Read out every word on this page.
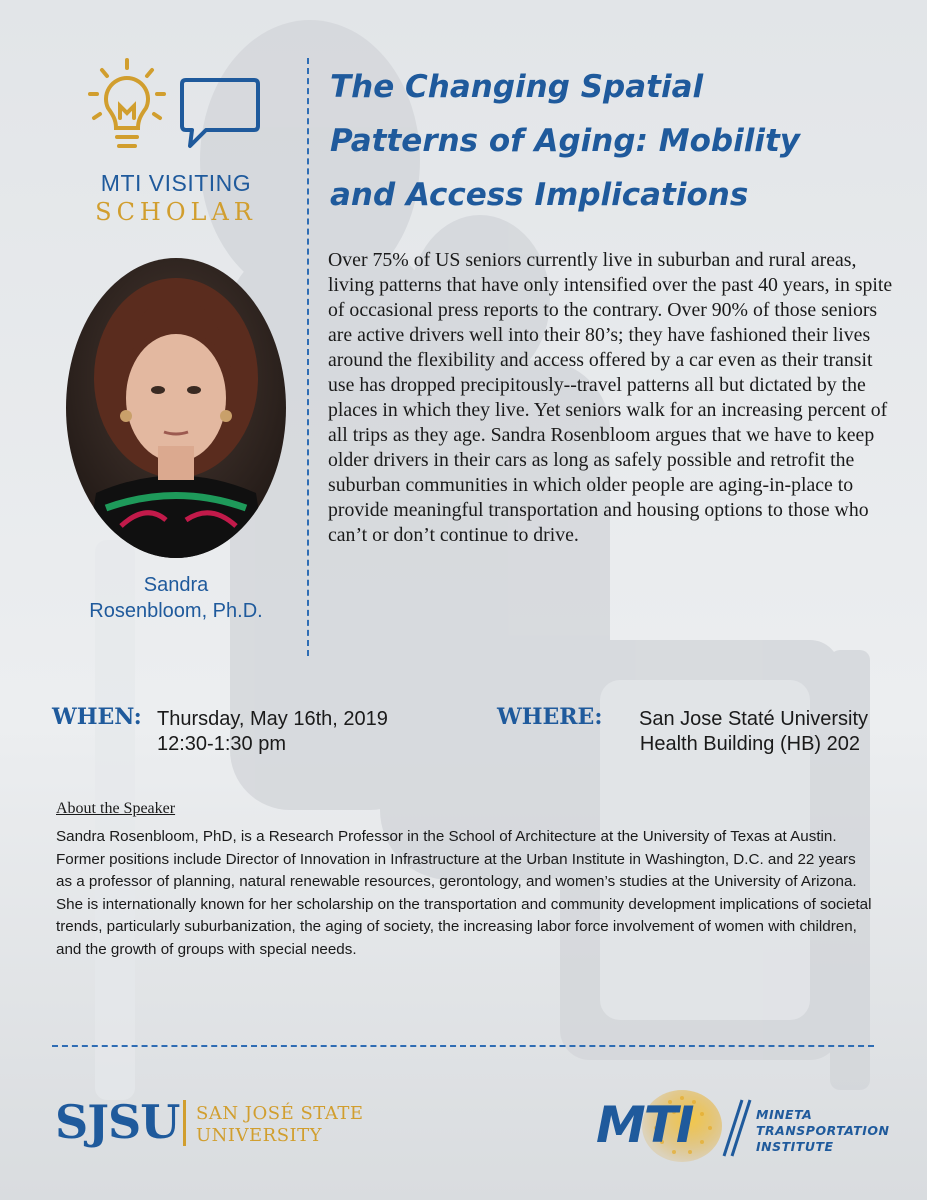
MTI VISITING
SCHOLAR
Sandra
Rosenbloom, Ph.D.
The Changing Spatial
Patterns of Aging: Mobility
and Access Implications

Over 75% of US seniors currently live in suburban and rural areas, living patterns that have only intensified over the past 40 years, in spite of occasional press reports to the contrary. Over 90% of those seniors are active drivers well into their 80’s; they have fashioned their lives around the flexibility and access offered by a car even as their transit use has dropped precipitously--travel patterns all but dictated by the places in which they live. Yet seniors walk for an increasing percent of all trips as they age. Sandra Rosenbloom argues that we have to keep older drivers in their cars as long as safely possible and retrofit the suburban communities in which older people are aging-in-place to provide meaningful transportation and housing options to those who can’t or don’t continue to drive.

WHEN: Thursday, May 16th, 2019
12:30-1:30 pm
WHERE:	San Jose Staté University
Health Building (HB) 202
About the Speaker

Sandra Rosenbloom, PhD, is a Research Professor in the School of Architecture at the University of Texas at Austin. Former positions include Director of Innovation in Infrastructure at the Urban Institute in Washington, D.C. and 22 years as a professor of planning, natural renewable resources, gerontology, and women’s studies at the University of Arizona. She is internationally known for her scholarship on the transportation and community development implications of societal trends, particularly suburbanization, the aging of society, the increasing labor force involvement of women with children, and the growth of groups with special needs.

SJSU SAN JOSÉ STATE
UNIVERSITY	MTI	MINETA
TRANSPORTATION
INSTITUTE
